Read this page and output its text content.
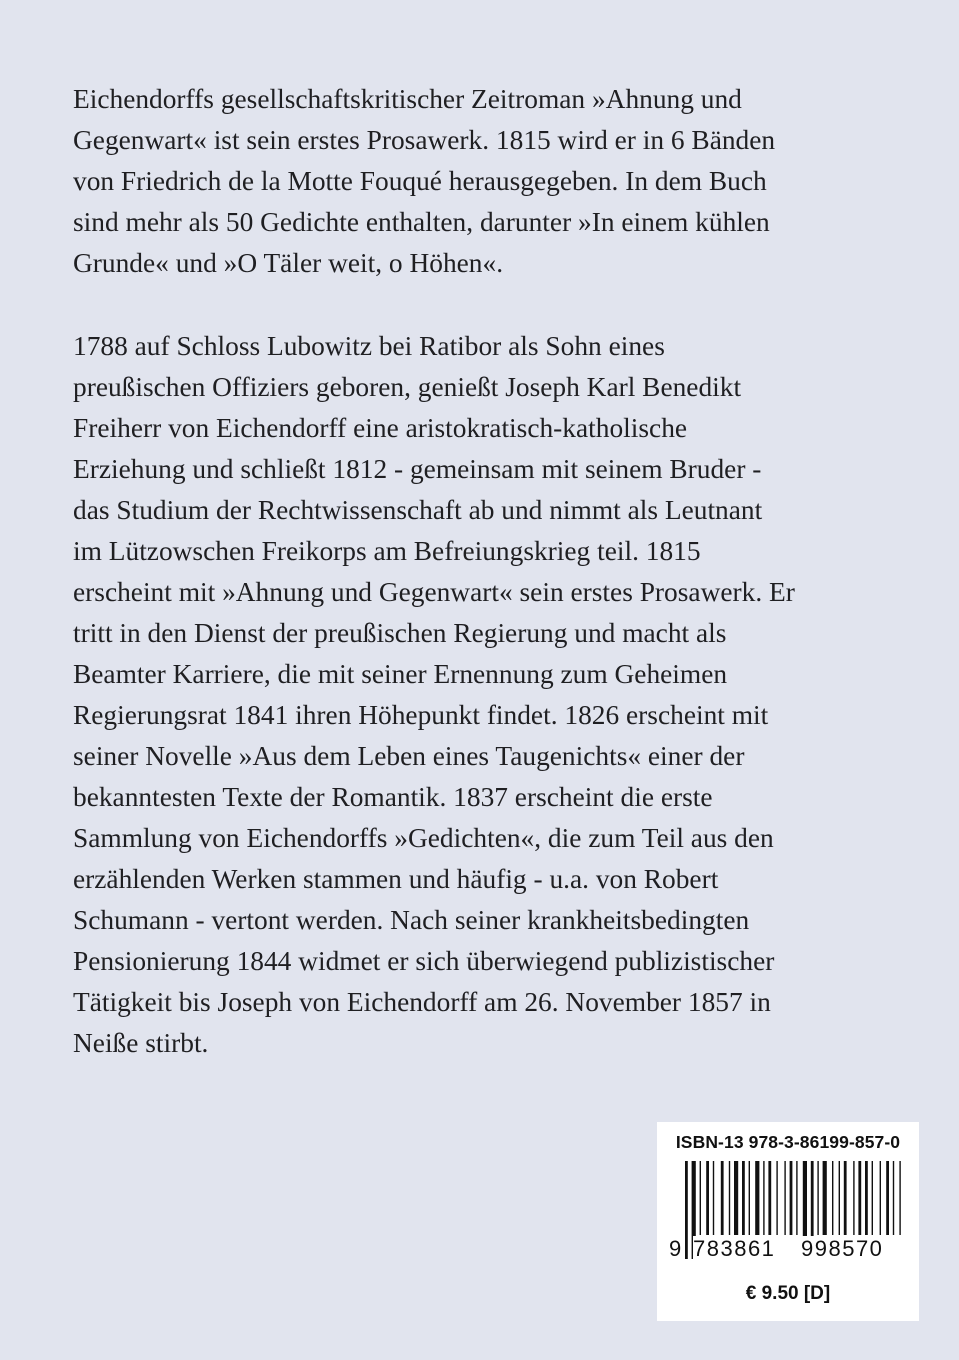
Eichendorffs gesellschaftskritischer Zeitroman »Ahnung und
Gegenwart« ist sein erstes Prosawerk. 1815 wird er in 6 Bänden
von Friedrich de la Motte Fouqué herausgegeben. In dem Buch
sind mehr als 50 Gedichte enthalten, darunter »In einem kühlen
Grunde« und »O Täler weit, o Höhen«.
1788 auf Schloss Lubowitz bei Ratibor als Sohn eines
preußischen Offiziers geboren, genießt Joseph Karl Benedikt
Freiherr von Eichendorff eine aristokratisch-katholische
Erziehung und schließt 1812 - gemeinsam mit seinem Bruder -
das Studium der Rechtwissenschaft ab und nimmt als Leutnant
im Lützowschen Freikorps am Befreiungskrieg teil. 1815
erscheint mit »Ahnung und Gegenwart« sein erstes Prosawerk. Er
tritt in den Dienst der preußischen Regierung und macht als
Beamter Karriere, die mit seiner Ernennung zum Geheimen
Regierungsrat 1841 ihren Höhepunkt findet. 1826 erscheint mit
seiner Novelle »Aus dem Leben eines Taugenichts« einer der
bekanntesten Texte der Romantik. 1837 erscheint die erste
Sammlung von Eichendorffs »Gedichten«, die zum Teil aus den
erzählenden Werken stammen und häufig - u.a. von Robert
Schumann - vertont werden. Nach seiner krankheitsbedingten
Pensionierung 1844 widmet er sich überwiegend publizistischer
Tätigkeit bis Joseph von Eichendorff am 26. November 1857 in
Neiße stirbt.
ISBN-13 978-3-86199-857-0
9 783861	998570
€ 9.50 [D]
